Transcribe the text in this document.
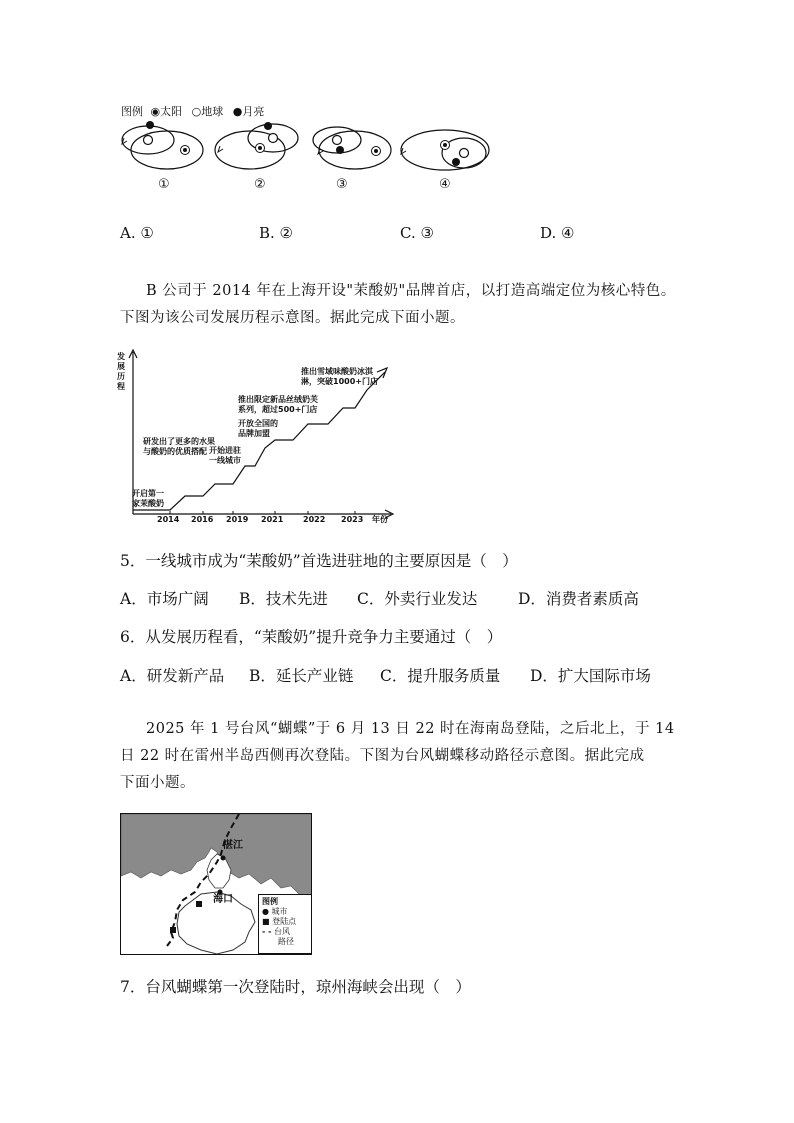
图例 ◉太阳 ○地球 ●月亮
①	②	③	④
A. ①	B. ②	C. ③	D. ④
B 公司于 2014 年在上海开设"茉酸奶"品牌首店，以打造高端定位为核心特色。
下图为该公司发展历程示意图。据此完成下面小题。
发展历程
2014 2016 2019 2021 2022 2023 年份
开启第一
家茉酸奶
研发出了更多的水果
与酸奶的优质搭配 开始进驻
一线城市
开放全国的
品牌加盟
推出限定新品丝绒奶芙
系列，超过500+门店
推出雪域味酸奶冰淇
淋，突破1000+门店
5．一线城市成为“茉酸奶”首选进驻地的主要原因是（　）
A．市场广阔 B．技术先进 C．外卖行业发达	D．消费者素质高
6．从发展历程看，“茉酸奶”提升竞争力主要通过（　）
A．研发新产品 B．延长产业链 C．提升服务质量 D．扩大国际市场
2025 年 1 号台风“蝴蝶”于 6 月 13 日 22 时在海南岛登陆，之后北上，于 14
日 22 时在雷州半岛西侧再次登陆。下图为台风蝴蝶移动路径示意图。据此完成
下面小题。
湛江
海口	图例
● 城市
■ 登陆点
- - 台风
路径
7．台风蝴蝶第一次登陆时，琼州海峡会出现（　）
